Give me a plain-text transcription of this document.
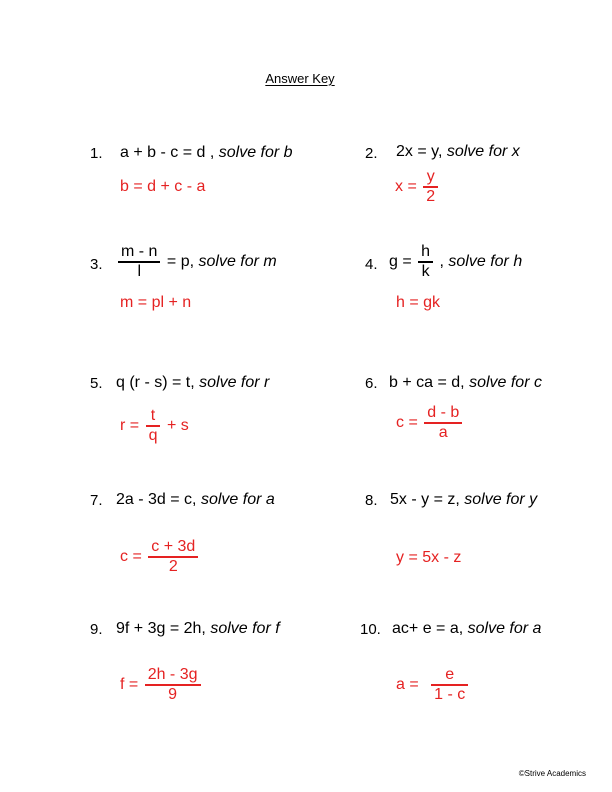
Answer Key
1. a + b - c = d , solve for b
b = d + c - a
2. 2x = y, solve for x
$x = \frac{y}{2}$
3. $\frac{m - n}{l} = p$, solve for m
m = pl + n
4. $g = \frac{h}{k}$ , solve for h
h = gk
5. q (r - s) = t, solve for r
$r = \frac{t}{q} + s$
6. b + ca = d, solve for c
$c = \frac{d - b}{a}$
7. 2a - 3d = c, solve for a
$c = \frac{c + 3d}{2}$
8. 5x - y = z, solve for y
y = 5x - z
9. 9f + 3g = 2h, solve for f
$f = \frac{2h - 3g}{9}$
10. ac+ e = a, solve for a
$a = \frac{e}{1 - c}$
©Strive Academics
